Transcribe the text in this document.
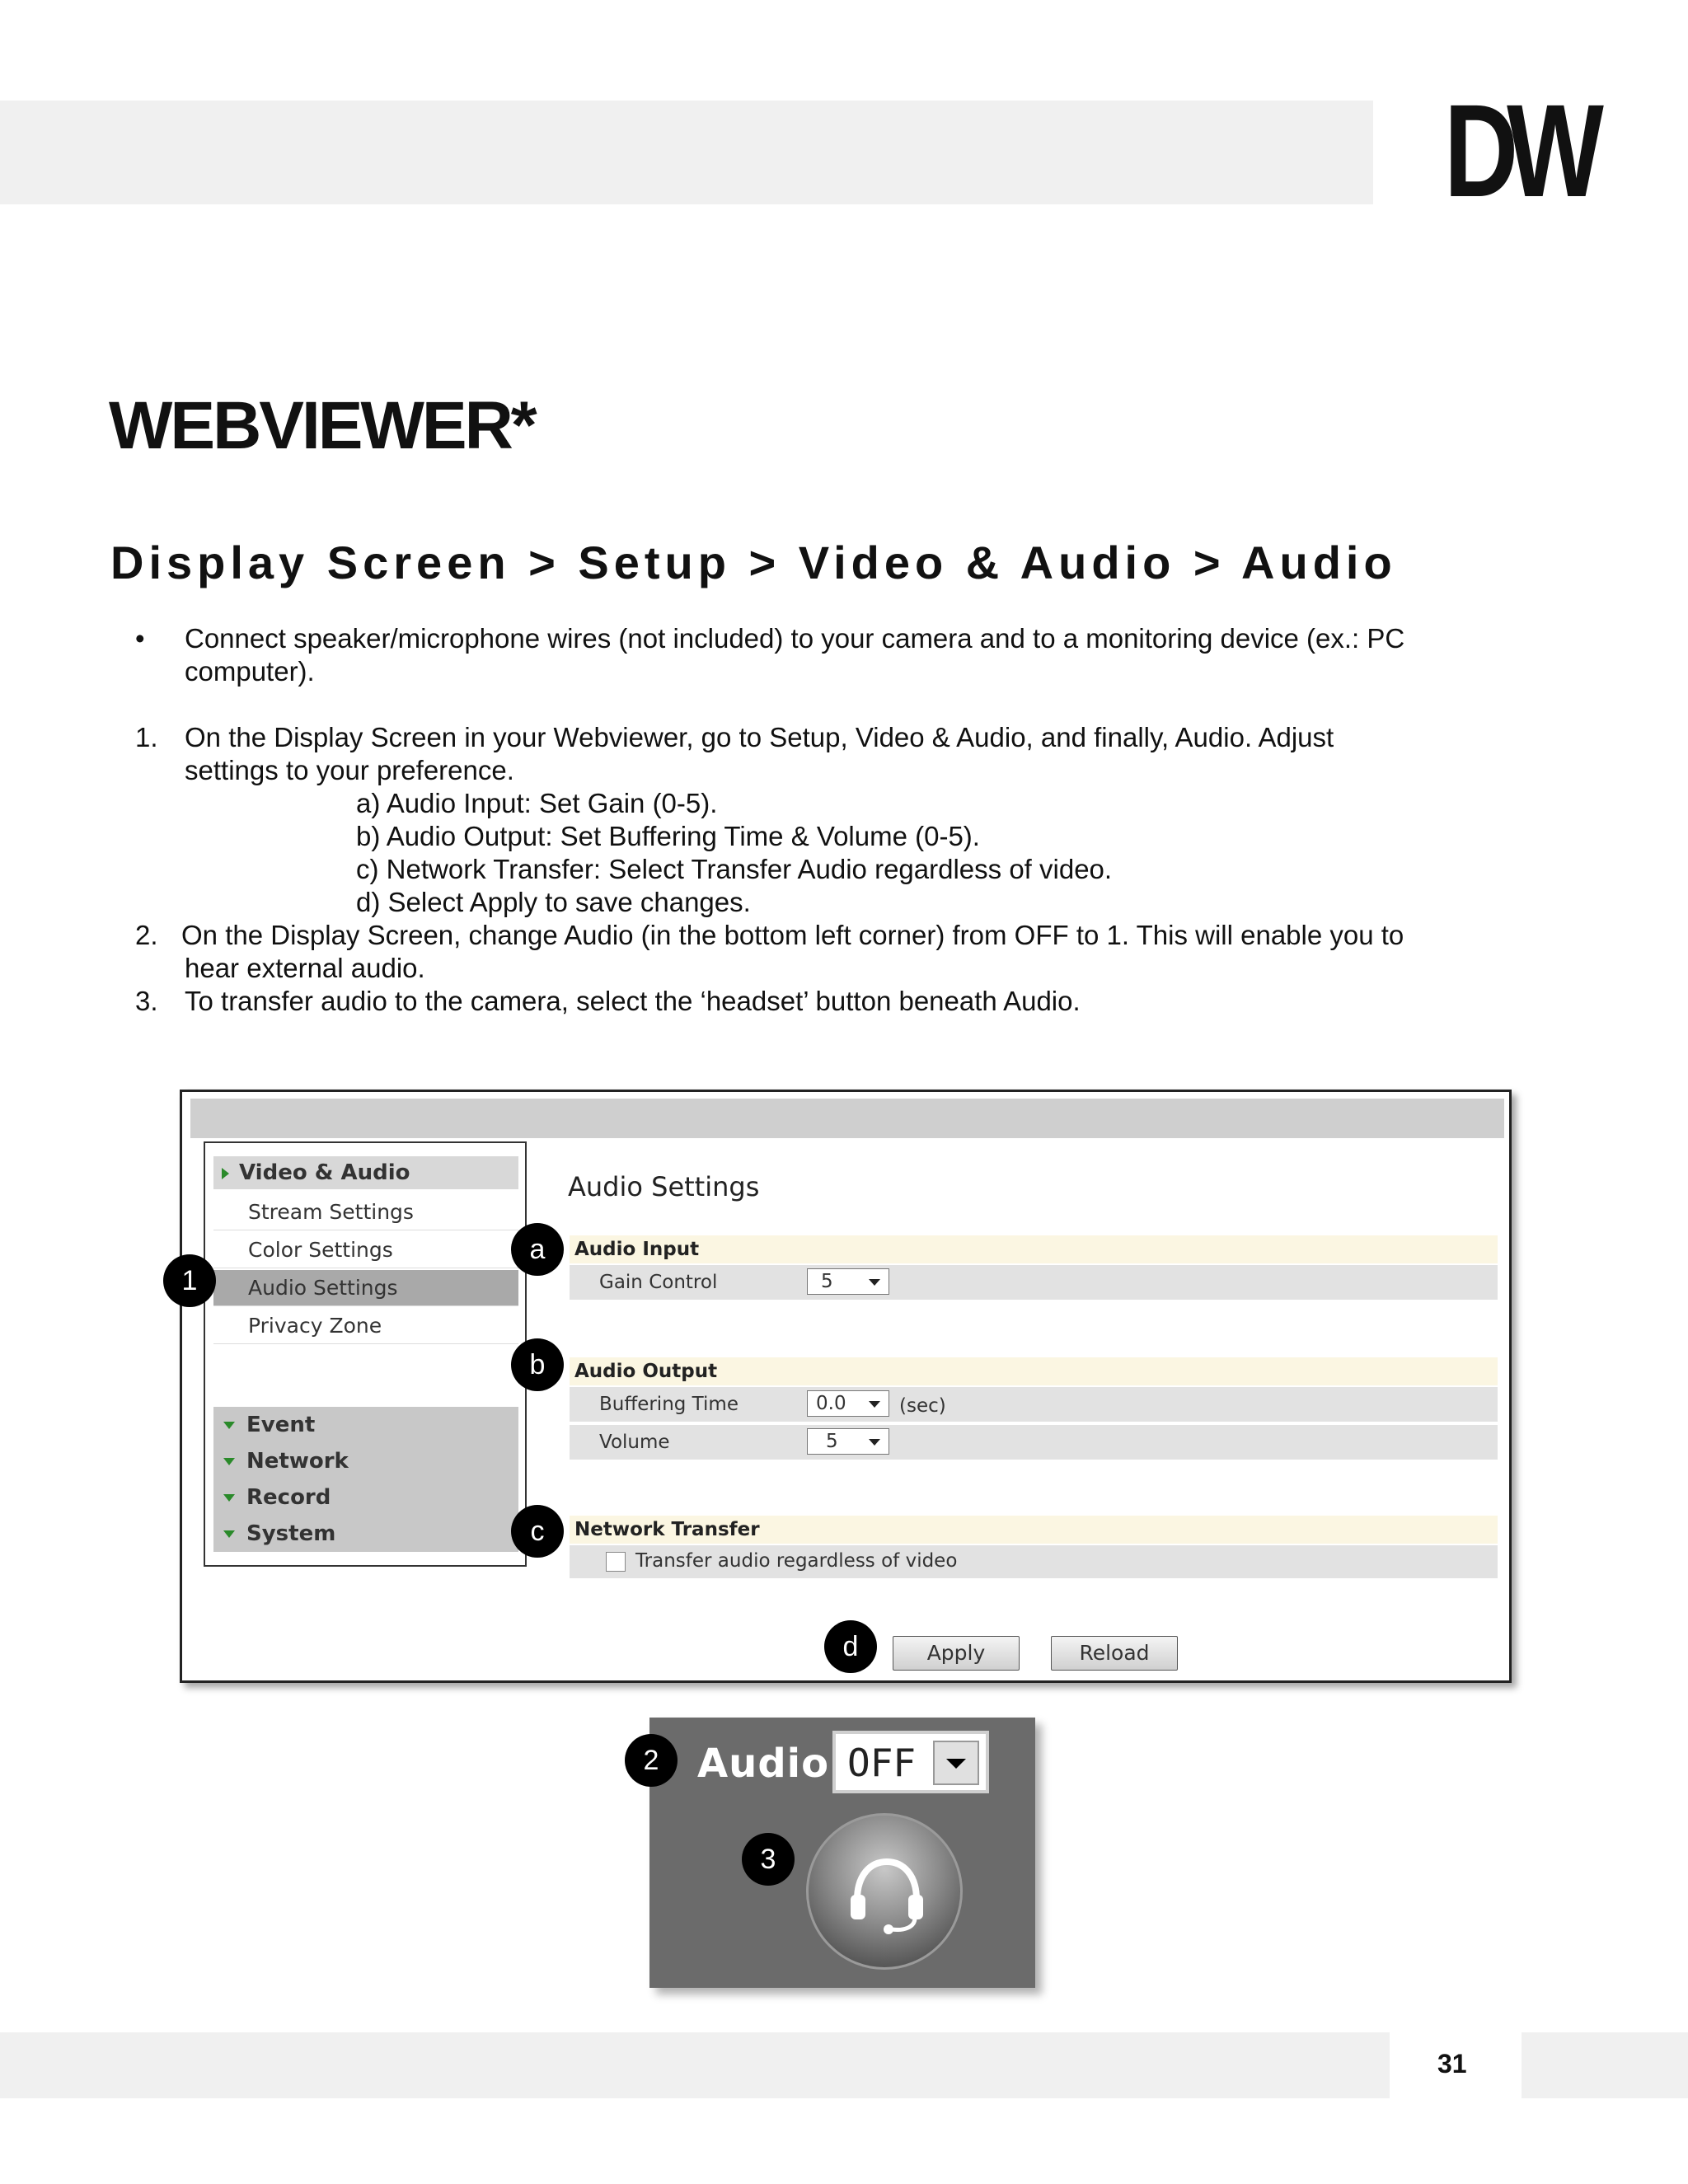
DW
WEBVIEWER*
Display Screen > Setup > Video & Audio > Audio
• Connect speaker/microphone wires (not included) to your camera and to a monitoring device (ex.: PC
computer).
1. On the Display Screen in your Webviewer, go to Setup, Video & Audio, and finally, Audio. Adjust
settings to your preference.
a) Audio Input: Set Gain (0-5).
b) Audio Output: Set Buffering Time & Volume (0-5).
c) Network Transfer: Select Transfer Audio regardless of video.
d) Select Apply to save changes.
2. On the Display Screen, change Audio (in the bottom left corner) from OFF to 1. This will enable you to
hear external audio.
3. To transfer audio to the camera, select the ‘headset’ button beneath Audio.
Video & Audio
Stream Settings
Color Settings
Audio Settings
Privacy Zone
Event
Network
Record
System
Audio Settings
Audio Input
Gain Control	5
Audio Output
Buffering Time	0.0	(sec)
Volume	5
Network Transfer
Transfer audio regardless of video
Apply	Reload
1
a
b
c
d
Audio OFF
2
3
31
